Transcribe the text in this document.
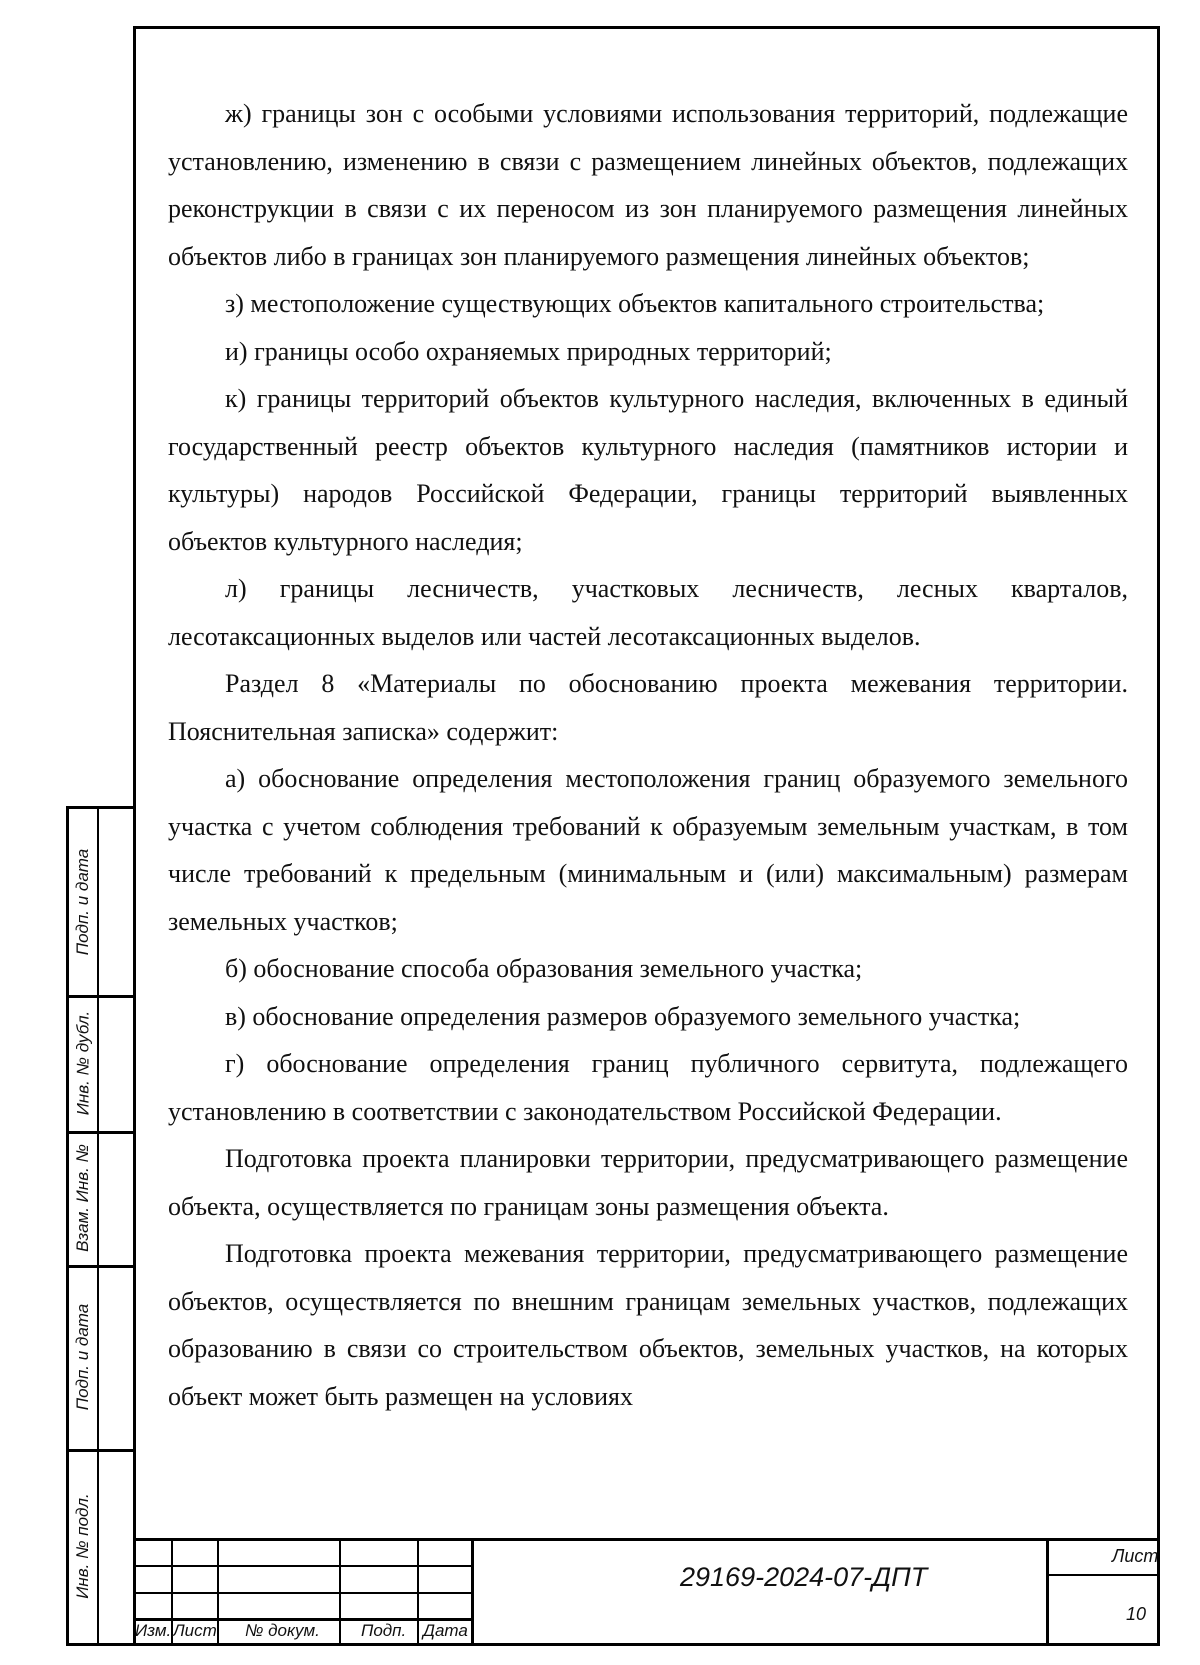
ж) границы зон с особыми условиями использования территорий, подлежащие установлению, изменению в связи с размещением линейных объектов, подлежащих реконструкции в связи с их переносом из зон планируемого размещения линейных объектов либо в границах зон планируемого размещения линейных объектов;

з) местоположение существующих объектов капитального строительства;

и) границы особо охраняемых природных территорий;

к) границы территорий объектов культурного наследия, включенных в единый государственный реестр объектов культурного наследия (памятников истории и культуры) народов Российской Федерации, границы территорий выявленных объектов культурного наследия;

л) границы лесничеств, участковых лесничеств, лесных кварталов, лесотаксационных выделов или частей лесотаксационных выделов.

Раздел 8 «Материалы по обоснованию проекта межевания территории. Пояснительная записка» содержит:

а) обоснование определения местоположения границ образуемого земельного участка с учетом соблюдения требований к образуемым земельным участкам, в том числе требований к предельным (минимальным и (или) максимальным) размерам земельных участков;

б) обоснование способа образования земельного участка;

в) обоснование определения размеров образуемого земельного участка;

г) обоснование определения границ публичного сервитута, подлежащего установлению в соответствии с законодательством Российской Федерации.

Подготовка проекта планировки территории, предусматривающего размещение объекта, осуществляется по границам зоны размещения объекта.

Подготовка проекта межевания территории, предусматривающего размещение объектов, осуществляется по внешним границам земельных участков, подлежащих образованию в связи со строительством объектов, земельных участков, на которых объект может быть размещен на условиях

Подп. и дата
Инв. № дубл.
Взам. Инв. №
Подп. и дата
Инв. № подл.
Изм. Лист № докум. Подп. Дата
29169-2024-07-ДПТ
Лист
10
